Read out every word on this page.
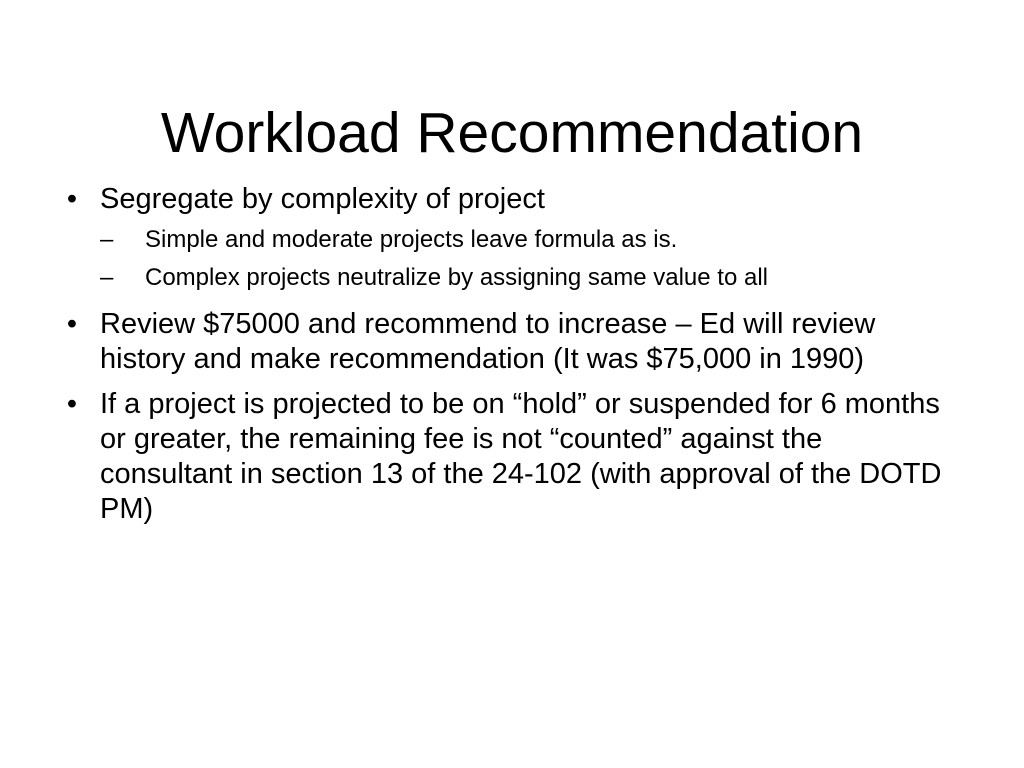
Workload Recommendation
• Segregate by complexity of project
– Simple and moderate projects leave formula as is.
– Complex projects neutralize by assigning same value to all
• Review $75000 and recommend to increase – Ed will review history and make recommendation (It was $75,000 in 1990)
• If a project is projected to be on “hold” or suspended for 6 months or greater, the remaining fee is not “counted” against the consultant in section 13 of the 24-102 (with approval of the DOTD PM)
